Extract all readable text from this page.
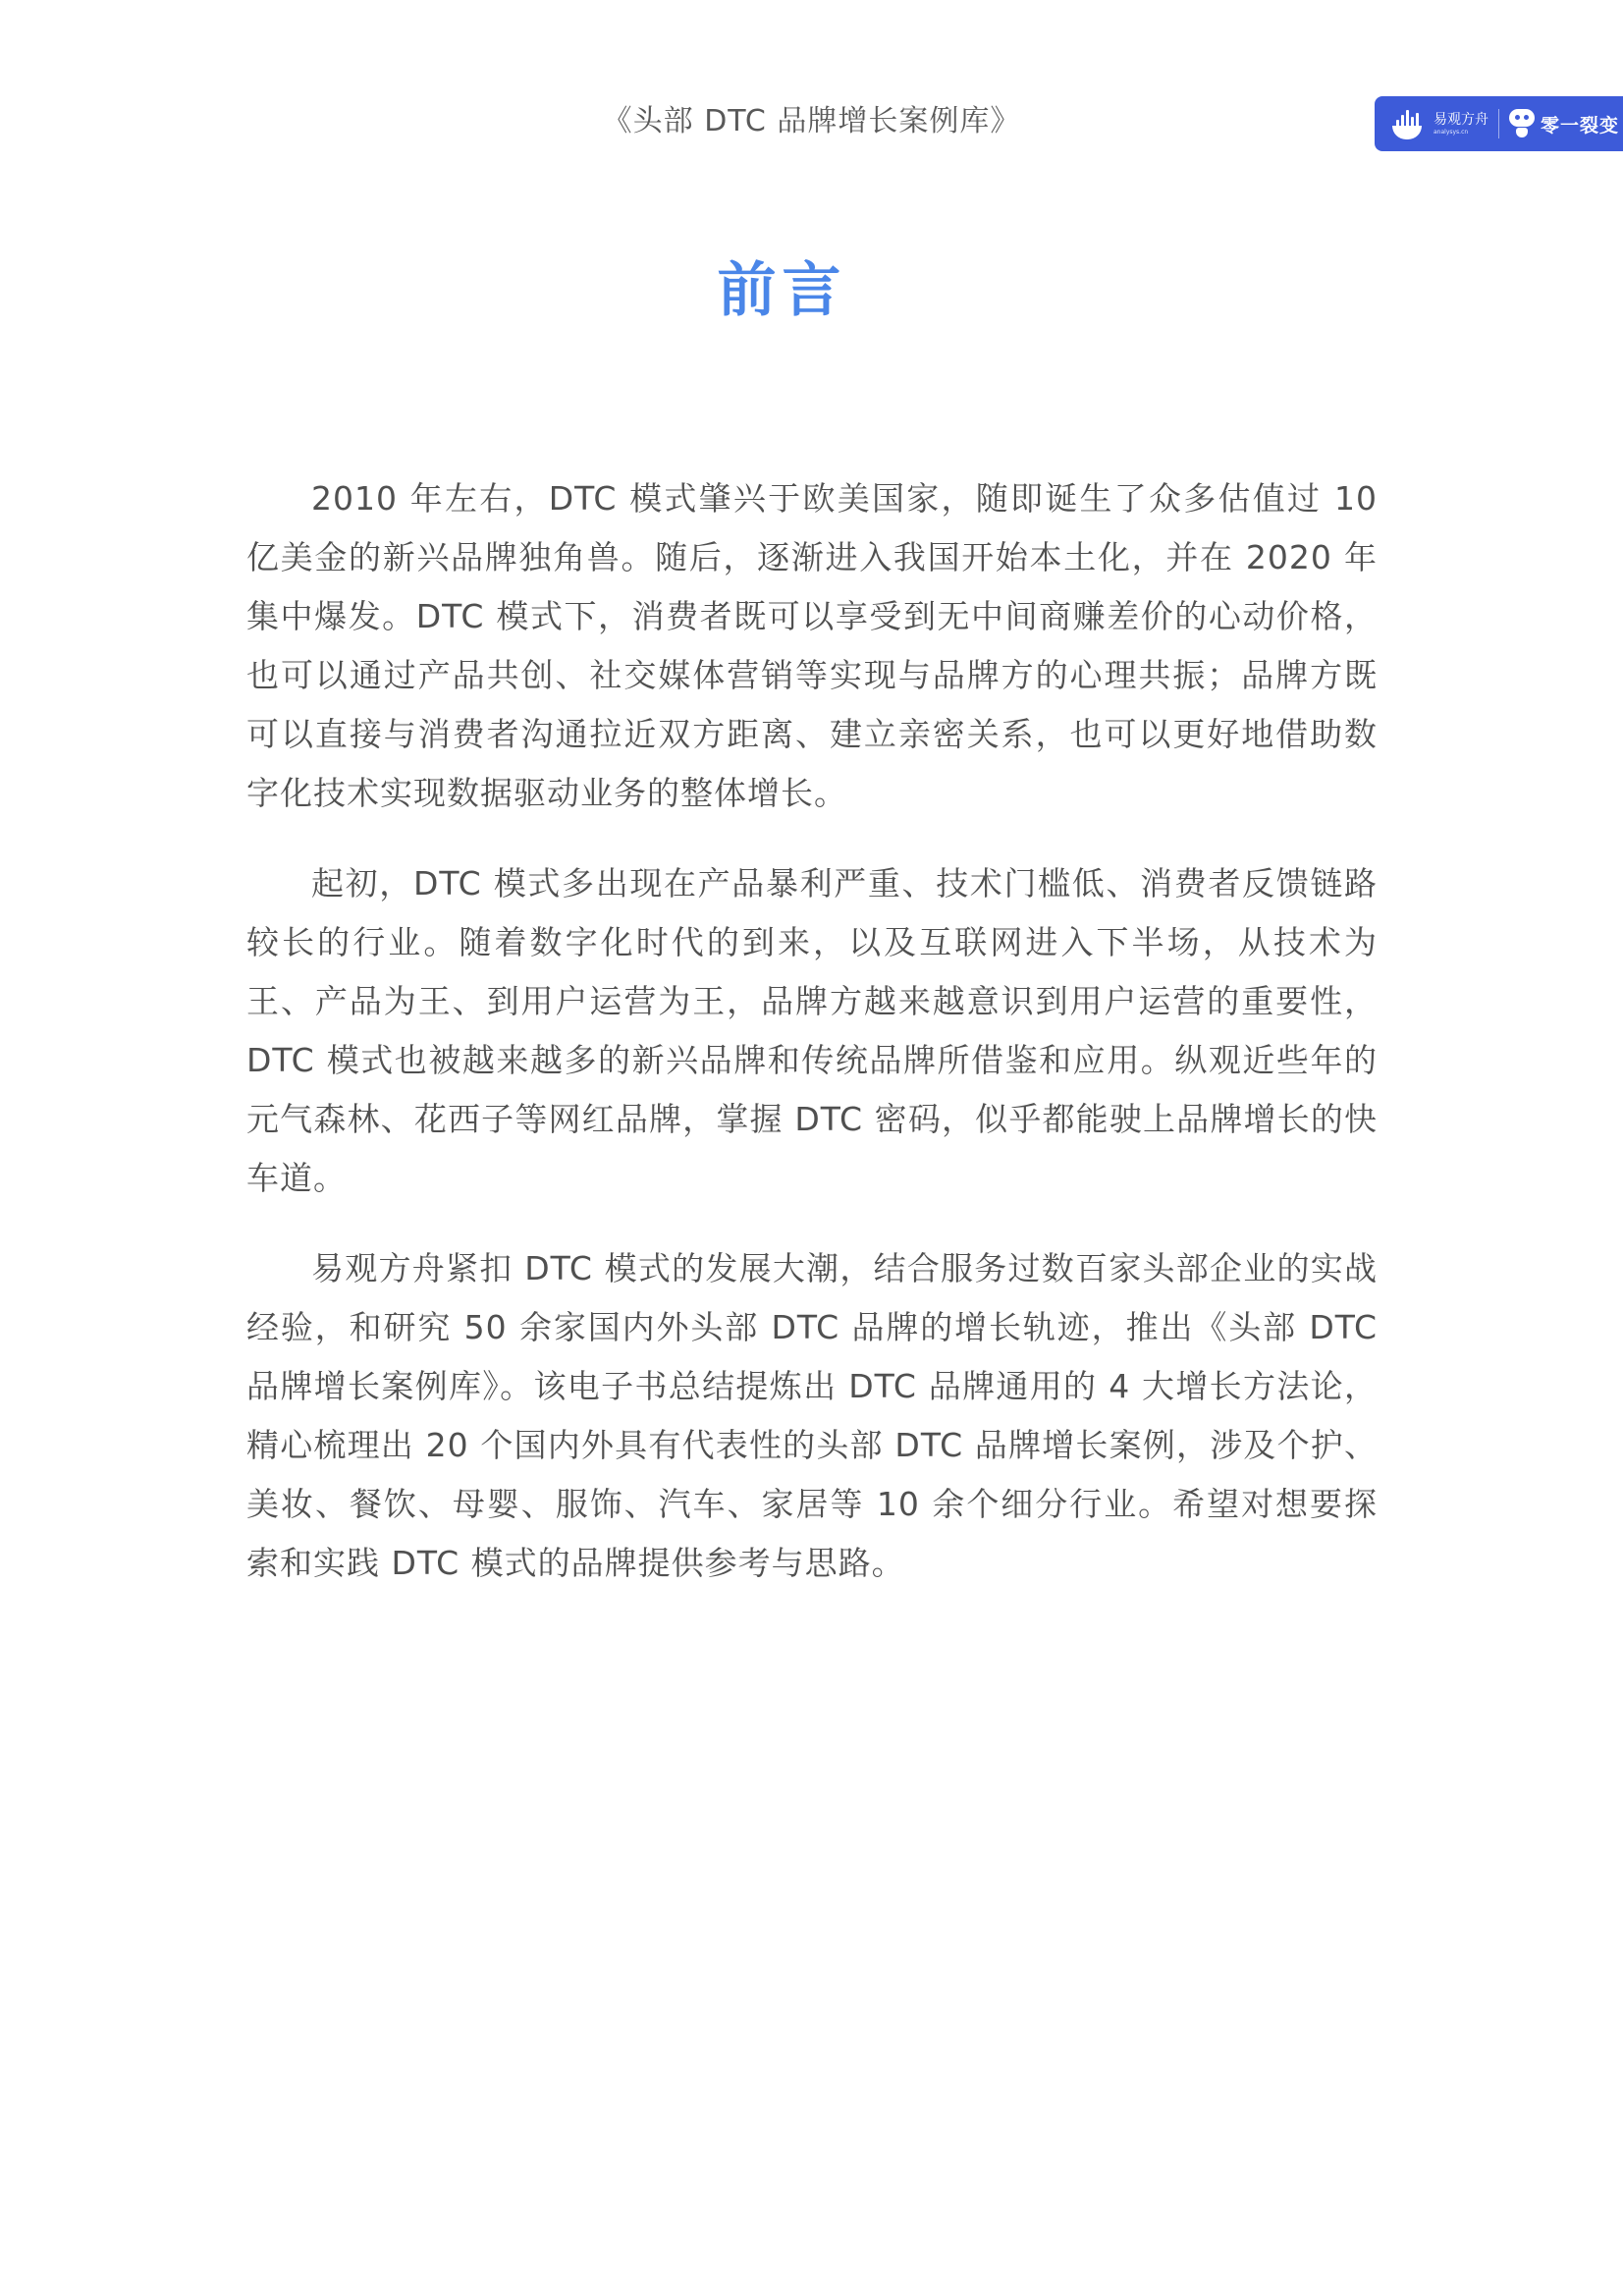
《头部 DTC 品牌增长案例库》	易观方舟
analysys.cn	零一裂变
前言

2010 年左右，DTC 模式肇兴于欧美国家，随即诞生了众多估值过 10 亿美金的新兴品牌独角兽。随后，逐渐进入我国开始本土化，并在 2020 年集中爆发。DTC 模式下，消费者既可以享受到无中间商赚差价的心动价格，也可以通过产品共创、社交媒体营销等实现与品牌方的心理共振；品牌方既可以直接与消费者沟通拉近双方距离、建立亲密关系，也可以更好地借助数字化技术实现数据驱动业务的整体增长。

起初，DTC 模式多出现在产品暴利严重、技术门槛低、消费者反馈链路较长的行业。随着数字化时代的到来，以及互联网进入下半场，从技术为王、产品为王、到用户运营为王，品牌方越来越意识到用户运营的重要性，DTC 模式也被越来越多的新兴品牌和传统品牌所借鉴和应用。纵观近些年的元气森林、花西子等网红品牌，掌握 DTC 密码，似乎都能驶上品牌增长的快车道。

易观方舟紧扣 DTC 模式的发展大潮，结合服务过数百家头部企业的实战经验，和研究 50 余家国内外头部 DTC 品牌的增长轨迹，推出《头部 DTC 品牌增长案例库》。该电子书总结提炼出 DTC 品牌通用的 4 大增长方法论，精心梳理出 20 个国内外具有代表性的头部 DTC 品牌增长案例，涉及个护、美妆、餐饮、母婴、服饰、汽车、家居等 10 余个细分行业。希望对想要探索和实践 DTC 模式的品牌提供参考与思路。
